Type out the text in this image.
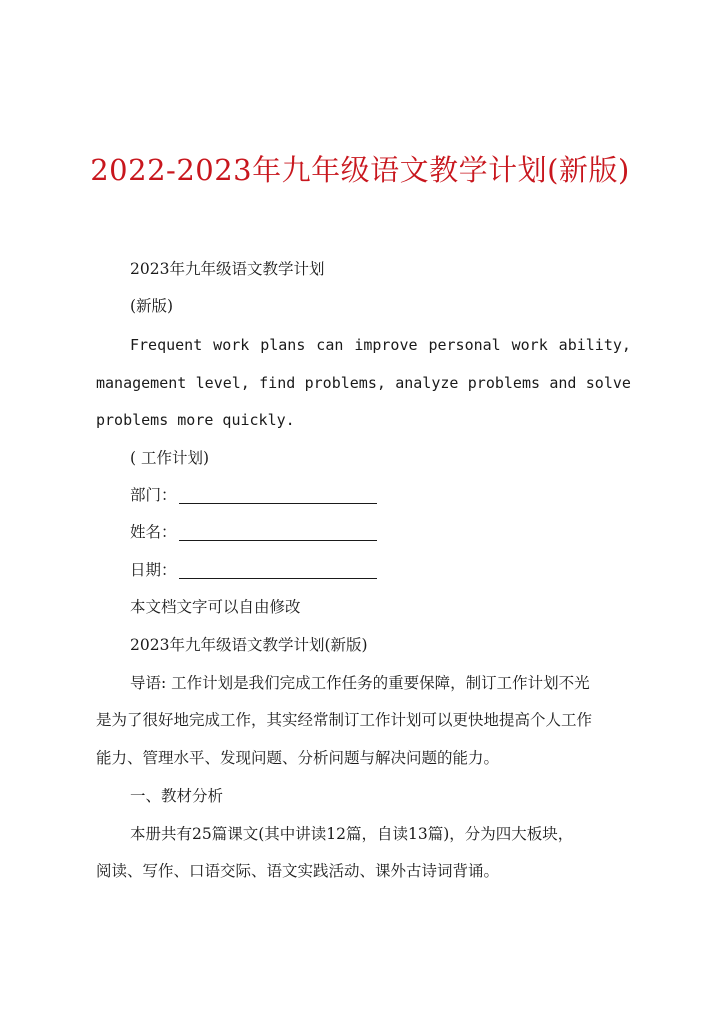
2022-2023年九年级语文教学计划(新版)
2023年九年级语文教学计划
(新版)
Frequent work plans can improve personal work ability,
management level, find problems, analyze problems and solve
problems more quickly.
( 工作计划)
部门：
姓名：
日期：
本文档文字可以自由修改
2023年九年级语文教学计划(新版)
导语: 工作计划是我们完成工作任务的重要保障，制订工作计划不光
是为了很好地完成工作，其实经常制订工作计划可以更快地提高个人工作
能力、管理水平、发现问题、分析问题与解决问题的能力。
一、教材分析
本册共有25篇课文(其中讲读12篇，自读13篇)，分为四大板块，
阅读、写作、口语交际、语文实践活动、课外古诗词背诵。
